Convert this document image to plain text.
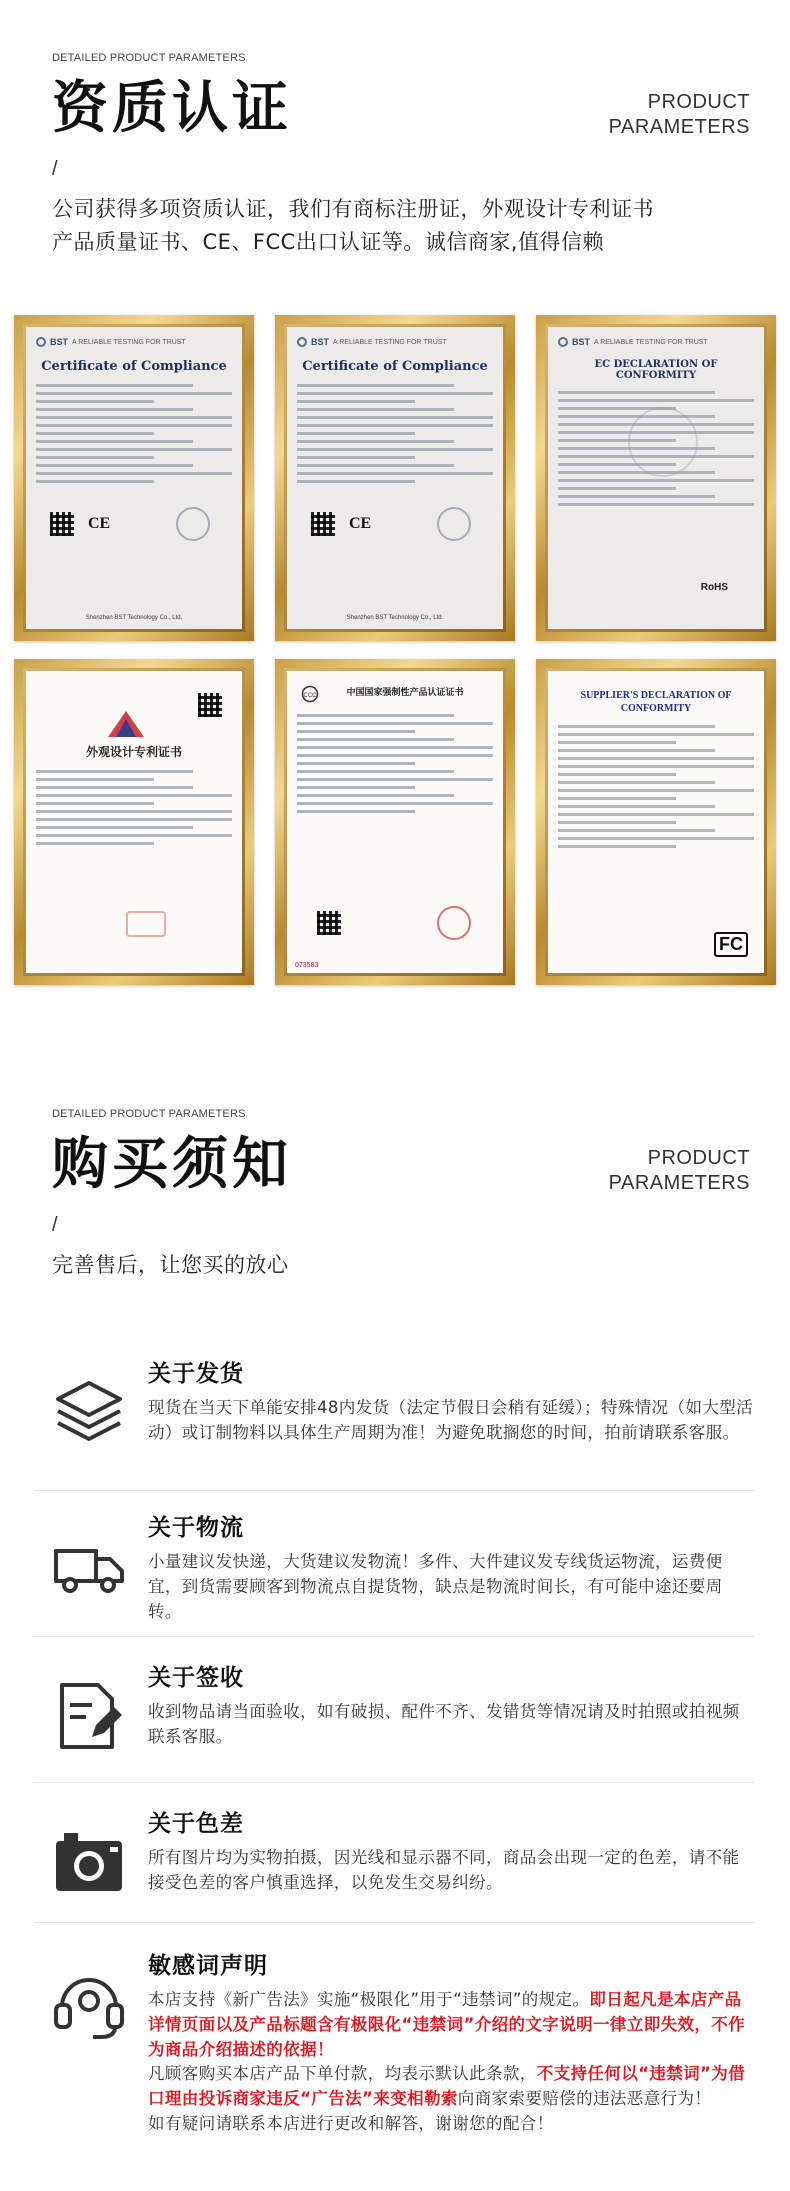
DETAILED PRODUCT PARAMETERS
资质认证	PRODUCT
PARAMETERS
/
公司获得多项资质认证，我们有商标注册证，外观设计专利证书
产品质量证书、CE、FCC出口认证等。诚信商家,值得信赖
BST A RELIABLE TESTING FOR TRUST
Certificate of Compliance
CE
Shenzhen BST Technology Co., Ltd.
BST A RELIABLE TESTING FOR TRUST
Certificate of Compliance
CE
Shenzhen BST Technology Co., Ltd.
BST A RELIABLE TESTING FOR TRUST
EC DECLARATION OF CONFORMITY
RoHS
外观设计专利证书
CCC	中国国家强制性产品认证证书
073583
SUPPLIER'S DECLARATION OF
CONFORMITY
FC
DETAILED PRODUCT PARAMETERS
购买须知	PRODUCT
PARAMETERS
/
完善售后，让您买的放心
关于发货

现货在当天下单能安排48内发货（法定节假日会稍有延缓）；特殊情况（如大型活动）或订制物料以具体生产周期为准！为避免耽搁您的时间，拍前请联系客服。

关于物流

小量建议发快递，大货建议发物流！多件、大件建议发专线货运物流，运费便宜，到货需要顾客到物流点自提货物，缺点是物流时间长，有可能中途还要周转。

关于签收

收到物品请当面验收，如有破损、配件不齐、发错货等情况请及时拍照或拍视频联系客服。

关于色差

所有图片均为实物拍摄，因光线和显示器不同，商品会出现一定的色差，请不能接受色差的客户慎重选择，以免发生交易纠纷。

敏感词声明

本店支持《新广告法》实施“极限化”用于“违禁词”的规定。即日起凡是本店产品详情页面以及产品标题含有极限化“违禁词”介绍的文字说明一律立即失效，不作为商品介绍描述的依据！

凡顾客购买本店产品下单付款，均表示默认此条款，不支持任何以“违禁词”为借口理由投诉商家违反“广告法”来变相勒索向商家索要赔偿的违法恶意行为！

如有疑问请联系本店进行更改和解答，谢谢您的配合！
